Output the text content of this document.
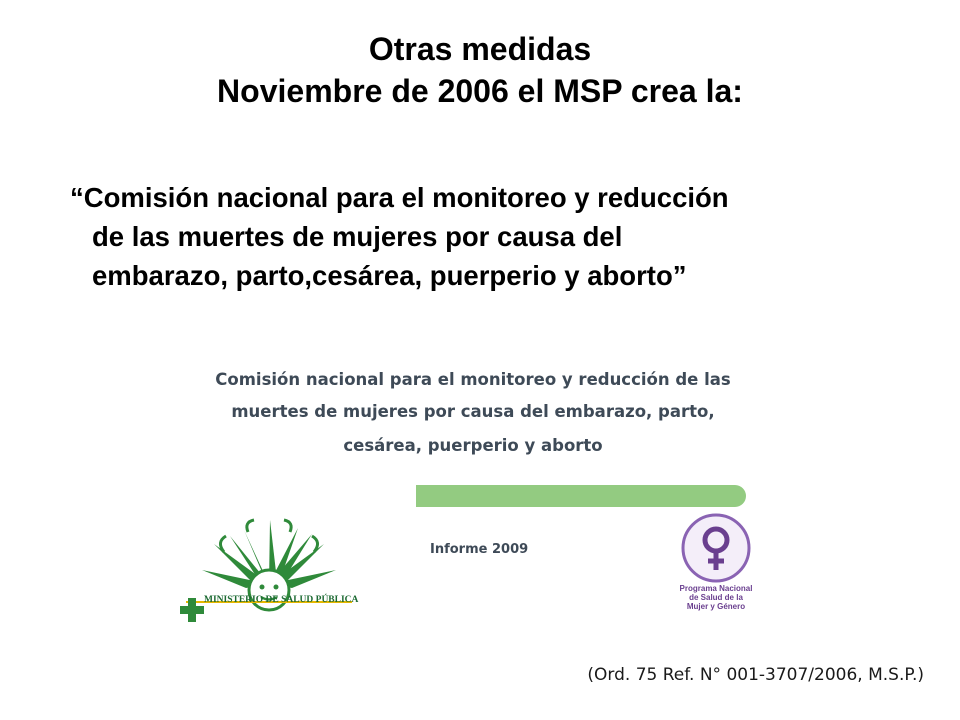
Otras medidas
Noviembre de 2006 el MSP crea la:
“Comisión nacional para el monitoreo y reducción
de las muertes de mujeres por causa del
embarazo, parto,cesárea, puerperio y aborto”
Comisión nacional para el monitoreo y reducción de las
muertes de mujeres por causa del embarazo, parto,
cesárea, puerperio y aborto
Informe 2009
MINISTERIO DE SALUD PÚBLICA
Programa Nacional
de Salud de la
Mujer y Género
(Ord. 75 Ref. N° 001-3707/2006, M.S.P.)
